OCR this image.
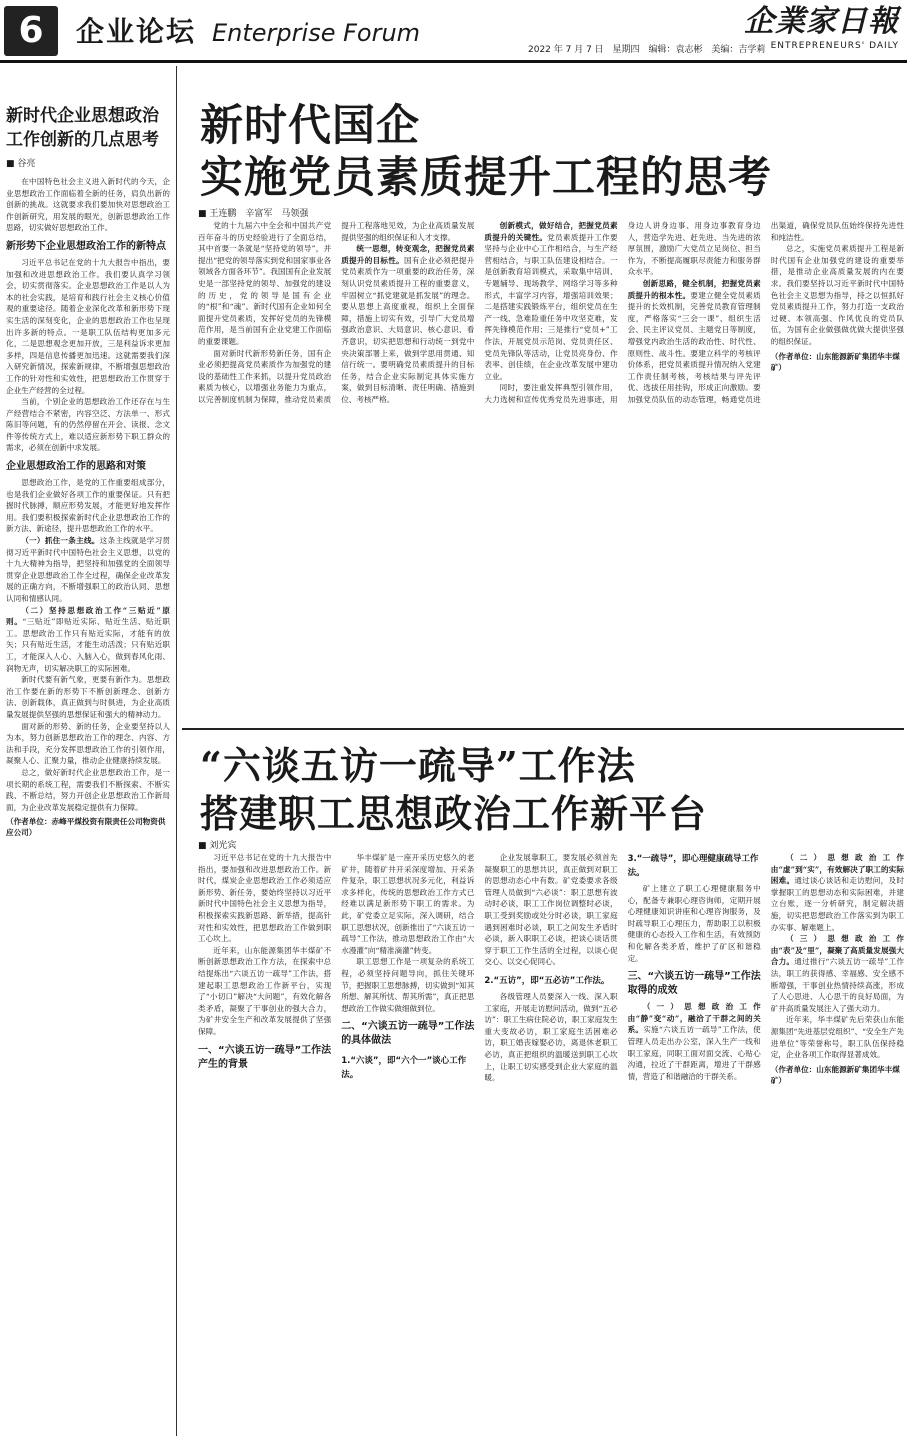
6	企业论坛 Enterprise Forum	企業家日報
ENTREPRENEURS' DAILY
2022 年 7 月 7 日 星期四 编辑：袁志彬 美编：吉学莉
新时代企业思想政治工作创新的几点思考
■ 谷亮

在中国特色社会主义进入新时代的今天，企业思想政治工作面临着全新的任务，肩负出新的创新的挑战。这就要求我们要加快对思想政治工作创新研究，用发展的眼光，创新思想政治工作思路，切实做好思想政治工作。

新形势下企业思想政治工作的新特点

习近平总书记在党的十九大报告中指出，要加强和改进思想政治工作。我们要认真学习领会，切实贯彻落实。企业思想政治工作是以人为本的社会实践，是培育和践行社会主义核心价值观的重要途径。随着企业深化改革和新形势下现实生活的深刻变化，企业的思想政治工作也呈现出许多新的特点。一是职工队伍结构更加多元化，二是思想观念更加开放，三是利益诉求更加多样，四是信息传播更加迅速。这就需要我们深入研究新情况，探索新规律，不断增强思想政治工作的针对性和实效性，把思想政治工作贯穿于企业生产经营的全过程。

当前，个别企业的思想政治工作还存在与生产经营结合不紧密，内容空泛、方法单一、形式陈旧等问题，有的仍然停留在开会、读报、念文件等传统方式上，难以适应新形势下职工群众的需求，必须在创新中求发展。

企业思想政治工作的思路和对策

思想政治工作，是党的工作重要组成部分，也是我们企业做好各项工作的重要保证。只有把握时代脉搏，顺应形势发展，才能更好地发挥作用。我们要积极探索新时代企业思想政治工作的新方法、新途径，提升思想政治工作的水平。

（一）抓住一条主线。这条主线就是学习贯彻习近平新时代中国特色社会主义思想，以党的十九大精神为指导，把坚持和加强党的全面领导贯穿企业思想政治工作全过程，确保企业改革发展的正确方向，不断增强职工的政治认同、思想认同和情感认同。

（二）坚持思想政治工作“三贴近”原则。“三贴近”即贴近实际、贴近生活、贴近职工。思想政治工作只有贴近实际，才能有的放矢；只有贴近生活，才能生动活泼；只有贴近职工，才能深入人心、入脑入心，做到春风化雨、润物无声，切实解决职工的实际困难。

新时代要有新气象，更要有新作为。思想政治工作要在新的形势下不断创新理念、创新方法、创新载体，真正做到与时俱进，为企业高质量发展提供坚强的思想保证和强大的精神动力。

面对新的形势、新的任务，企业要坚持以人为本，努力创新思想政治工作的理念、内容、方法和手段，充分发挥思想政治工作的引领作用，凝聚人心、汇聚力量，推动企业健康持续发展。

总之，做好新时代企业思想政治工作，是一项长期的系统工程，需要我们不断探索、不断实践、不断总结，努力开创企业思想政治工作新局面，为企业改革发展稳定提供有力保障。

（作者单位：赤峰平煤投资有限责任公司物资供应公司）
新时代国企
实施党员素质提升工程的思考
■ 王连鹏　辛富军　马领强

党的十九届六中全会和中国共产党百年奋斗的历史经验进行了全面总结，其中首要一条就是“坚持党的领导”，并提出“把党的领导落实到党和国家事业各领域各方面各环节”。我国国有企业发展史是一部坚持党的领导、加强党的建设的历史，党的领导是国有企业的“根”和“魂”。新时代国有企业如何全面提升党员素质，发挥好党员的先锋模范作用，是当前国有企业党建工作面临的重要课题。

面对新时代新形势新任务，国有企业必须把提高党员素质作为加强党的建设的基础性工作来抓，以提升党员政治素质为核心，以增强业务能力为重点，以完善制度机制为保障，推动党员素质提升工程落地见效，为企业高质量发展提供坚强的组织保证和人才支撑。

统一思想，转变观念，把握党员素质提升的目标性。国有企业必须把提升党员素质作为一项重要的政治任务，深刻认识党员素质提升工程的重要意义，牢固树立“抓党建就是抓发展”的理念。要从思想上高度重视，组织上全面保障，措施上切实有效，引导广大党员增强政治意识、大局意识、核心意识、看齐意识，切实把思想和行动统一到党中央决策部署上来，做到学思用贯通、知信行统一。要明确党员素质提升的目标任务，结合企业实际制定具体实施方案，做到目标清晰、责任明确、措施到位、考核严格。

创新模式，做好结合，把握党员素质提升的关键性。党员素质提升工作要坚持与企业中心工作相结合，与生产经营相结合，与职工队伍建设相结合。一是创新教育培训模式，采取集中培训、专题辅导、现场教学、网络学习等多种形式，丰富学习内容，增强培训效果；二是搭建实践锻炼平台，组织党员在生产一线、急难险重任务中攻坚克难，发挥先锋模范作用；三是推行“党员+”工作法，开展党员示范岗、党员责任区、党员先锋队等活动，让党员亮身份、作表率、创佳绩，在企业改革发展中建功立业。

同时，要注重发挥典型引领作用，大力选树和宣传优秀党员先进事迹，用身边人讲身边事、用身边事教育身边人，营造学先进、赶先进、当先进的浓厚氛围，激励广大党员立足岗位、担当作为，不断提高履职尽责能力和服务群众水平。

创新思路，健全机制，把握党员素质提升的根本性。要建立健全党员素质提升的长效机制，完善党员教育管理制度，严格落实“三会一课”、组织生活会、民主评议党员、主题党日等制度，增强党内政治生活的政治性、时代性、原则性、战斗性。要建立科学的考核评价体系，把党员素质提升情况纳入党建工作责任制考核，考核结果与评先评优、选拔任用挂钩，形成正向激励。要加强党员队伍的动态管理，畅通党员进出渠道，确保党员队伍始终保持先进性和纯洁性。

总之，实施党员素质提升工程是新时代国有企业加强党的建设的重要举措，是推动企业高质量发展的内在要求。我们要坚持以习近平新时代中国特色社会主义思想为指导，持之以恒抓好党员素质提升工作，努力打造一支政治过硬、本领高强、作风优良的党员队伍，为国有企业做强做优做大提供坚强的组织保证。

（作者单位：山东能源新矿集团华丰煤矿）
“六谈五访一疏导”工作法
搭建职工思想政治工作新平台
■ 刘光宾

习近平总书记在党的十九大报告中指出，要加强和改进思想政治工作。新时代，煤炭企业思想政治工作必须适应新形势、新任务，要始终坚持以习近平新时代中国特色社会主义思想为指导，积极探索实践新思路、新举措，提高针对性和实效性，把思想政治工作做到职工心坎上。

近年来，山东能源集团华丰煤矿不断创新思想政治工作方法，在探索中总结提炼出“六谈五访一疏导”工作法，搭建起职工思想政治工作新平台，实现了“小切口”解决“大问题”，有效化解各类矛盾，凝聚了干事创业的强大合力，为矿井安全生产和改革发展提供了坚强保障。

一、“六谈五访一疏导”工作法产生的背景

华丰煤矿是一座开采历史悠久的老矿井，随着矿井开采深度增加、开采条件复杂，职工思想状况多元化，利益诉求多样化，传统的思想政治工作方式已经难以满足新形势下职工的需求。为此，矿党委立足实际，深入调研，结合职工思想状况，创新推出了“六谈五访一疏导”工作法，推动思想政治工作由“大水漫灌”向“精准滴灌”转变。

职工思想工作是一项复杂的系统工程，必须坚持问题导向，抓住关键环节，把握职工思想脉搏，切实做到“知其所想、解其所忧、帮其所需”，真正把思想政治工作做实做细做到位。

二、“六谈五访一疏导”工作法的具体做法
1.“六谈”，即“六个一”谈心工作法。

企业发展靠职工，要发展必须首先凝聚职工的思想共识，真正做到对职工的思想动态心中有数。矿党委要求各级管理人员做到“六必谈”：职工思想有波动时必谈，职工工作岗位调整时必谈，职工受到奖励或处分时必谈，职工家庭遇到困难时必谈，职工之间发生矛盾时必谈，新入职职工必谈，把谈心谈话贯穿于职工工作生活的全过程，以谈心促交心、以交心促同心。

2.“五访”，即“五必访”工作法。

各级管理人员要深入一线、深入职工家庭，开展走访慰问活动，做到“五必访”：职工生病住院必访，职工家庭发生重大变故必访，职工家庭生活困难必访，职工婚丧嫁娶必访，离退休老职工必访，真正把组织的温暖送到职工心坎上，让职工切实感受到企业大家庭的温暖。

3.“一疏导”，即心理健康疏导工作法。

矿上建立了职工心理健康服务中心，配备专兼职心理咨询师，定期开展心理健康知识讲座和心理咨询服务，及时疏导职工心理压力，帮助职工以积极健康的心态投入工作和生活，有效预防和化解各类矛盾，维护了矿区和谐稳定。

三、“六谈五访一疏导”工作法取得的成效

（一）思想政治工作由“静”变“动”，融洽了干群之间的关系。实施“六谈五访一疏导”工作法，使管理人员走出办公室，深入生产一线和职工家庭，同职工面对面交流、心贴心沟通，拉近了干群距离，增进了干群感情，营造了和谐融洽的干群关系。

（二）思想政治工作由“虚”到“实”，有效解决了职工的实际困难。通过谈心谈话和走访慰问，及时掌握职工的思想动态和实际困难，并建立台账，逐一分析研究，制定解决措施，切实把思想政治工作落实到为职工办实事、解难题上。

（三）思想政治工作由“表”及“里”，凝聚了高质量发展强大合力。通过推行“六谈五访一疏导”工作法，职工的获得感、幸福感、安全感不断增强，干事创业热情持续高涨，形成了人心思进、人心思干的良好局面，为矿井高质量发展注入了强大动力。

近年来，华丰煤矿先后荣获山东能源集团“先进基层党组织”、“安全生产先进单位”等荣誉称号，职工队伍保持稳定，企业各项工作取得显著成效。

（作者单位：山东能源新矿集团华丰煤矿）
